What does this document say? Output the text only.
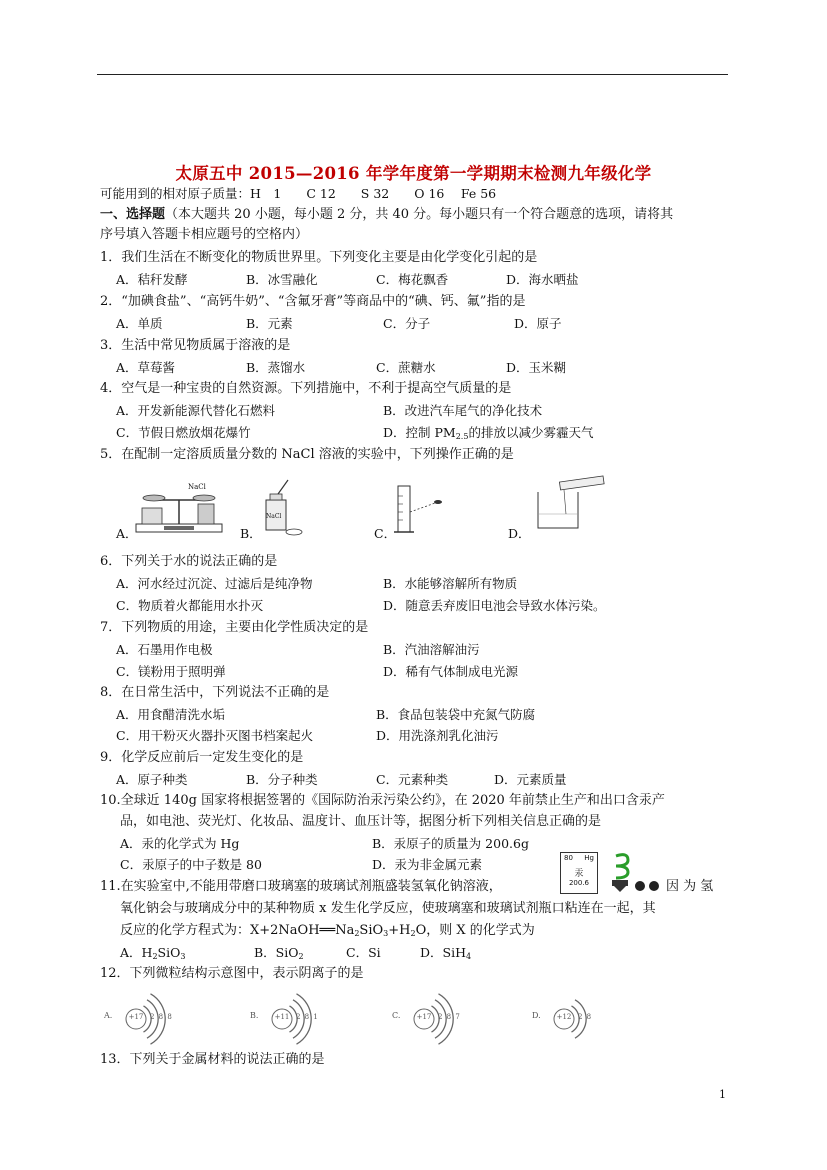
太原五中 2015—2016 年学年度第一学期期末检测九年级化学
可能用到的相对原子质量：H　1　　C 12　　S 32　　O 16　 Fe 56
一、选择题（本大题共 20 小题，每小题 2 分，共 40 分。每小题只有一个符合题意的选项，请将其
序号填入答题卡相应题号的空格内）
1．我们生活在不断变化的物质世界里。下列变化主要是由化学变化引起的是
A．秸秆发酵	B．冰雪融化	C．梅花飘香	D．海水晒盐
2．“加碘食盐”、“高钙牛奶”、“含氟牙膏”等商品中的“碘、钙、氟”指的是
A．单质	B．元素	C．分子	D．原子
3．生活中常见物质属于溶液的是
A．草莓酱	B．蒸馏水	C．蔗糖水	D．玉米糊
4．空气是一种宝贵的自然资源。下列措施中，不利于提高空气质量的是
A．开发新能源代替化石燃料	B．改进汽车尾气的净化技术
C．节假日燃放烟花爆竹	D．控制 $PM_{2.5}$的排放以减少雾霾天气
5．在配制一定溶质质量分数的 NaCl 溶液的实验中，下列操作正确的是
A．	B．	C．	D．
NaCl
NaCl
6．下列关于水的说法正确的是
A．河水经过沉淀、过滤后是纯净物	B．水能够溶解所有物质
C．物质着火都能用水扑灭	D．随意丢弃废旧电池会导致水体污染。
7．下列物质的用途，主要由化学性质决定的是
A．石墨用作电极	B．汽油溶解油污
C．镁粉用于照明弹	D．稀有气体制成电光源
8．在日常生活中，下列说法不正确的是
A．用食醋清洗水垢	B．食品包装袋中充氮气防腐
C．用干粉灭火器扑灭图书档案起火	D．用洗涤剂乳化油污
9．化学反应前后一定发生变化的是
A．原子种类	B．分子种类	C．元素种类	D．元素质量
10.全球近 140g 国家将根据签署的《国际防治汞污染公约》，在 2020 年前禁止生产和出口含汞产
品，如电池、荧光灯、化妆品、温度计、血压计等，据图分析下列相关信息正确的是
A．汞的化学式为 Hg	B．汞原子的质量为 200.6g
C．汞原子的中子数是 80	D．汞为非金属元素	80 Hg
汞
200.6
11.在实验室中,不能用带磨口玻璃塞的玻璃试剂瓶盛装氢氧化钠溶液，	因 为 氢
氧化钠会与玻璃成分中的某种物质 x 发生化学反应，使玻璃塞和玻璃试剂瓶口粘连在一起，其
反应的化学方程式为：$X+2NaOH══Na_2SiO_3+H_2O$，则 X 的化学式为
A．$H_2SiO_3$	B．SiO$_2$	C．Si	D．SiH$_4$
12．下列微粒结构示意图中，表示阴离子的是
A.	+17 2 8 8	B.	+11 2 8 1	C.	+17 2 8 7	D.	+12 2 8
13．下列关于金属材料的说法正确的是
1
